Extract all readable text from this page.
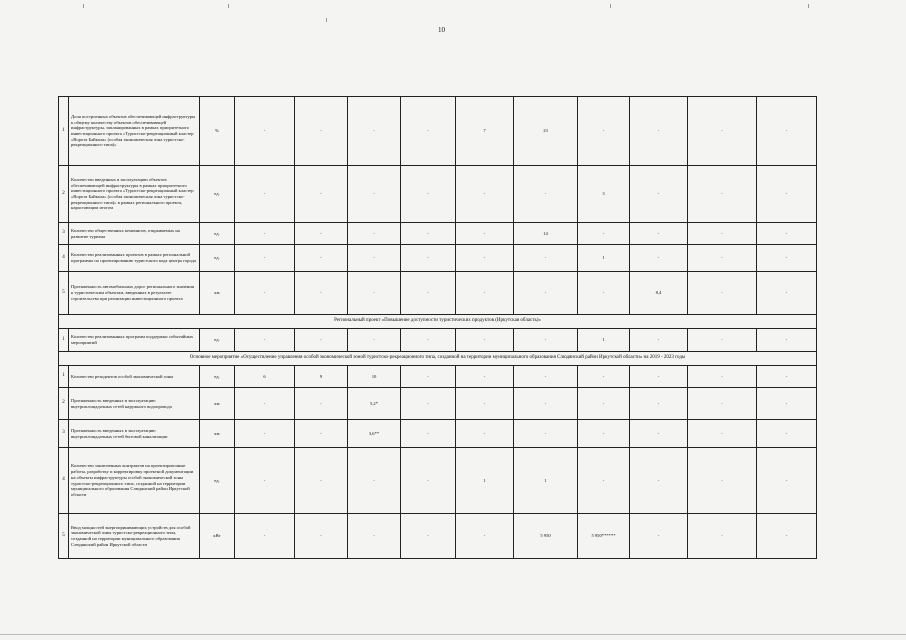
10
1	Доля построенных объектов обеспечивающей инфраструктуры к общему количеству объектов обеспечивающей инфраструктуры, запланированных в рамках приоритетного инвестиционного проекта «Туристско-рекреационный кластер «Ворота Байкала» (особая экономическая зона туристско-рекреационного типа)»	%	-	-	-	-	7	23	-	-	-	-
2	Количество введенных в эксплуатацию объектов обеспечивающей инфраструктуры в рамках приоритетного инвестиционного проекта «Туристско-рекреационный кластер «Ворота Байкала» (особая экономическая зона туристско-рекреационного типа)» в рамках регионального проекта, нарастающим итогом	ед.	-	-	-	-	-	-	3	-	-	-
3	Количество общественных кемпингов, открываемых на развитие туризма	ед.	-	-	-	-	-	14	-	-	-	-
4	Количество реализованных проектов в рамках региональной программы по проектированию туристского кода центра города	ед.	-	-	-	-	-	-	1	-	-	-
5	Протяженность автомобильных дорог регионального значения к туристическим объектам, введенных в результате строительства при реализации инвестиционного проекта	км	-	-	-	-	-	-	-	8,4	-	-
Региональный проект «Повышение доступности туристических продуктов (Иркутская область)»												
1	Количество реализованных программ поддержки событийных мероприятий	ед.	-	-	-	-	-	-	1	-	-	-
Основное мероприятие «Осуществление управления особой экономической зоной туристско-рекреационного типа, созданной на территории муниципального образования Слюдянский район Иркутской области» на 2019 - 2023 годы												
1	Количество резидентов особой экономической зоны	ед.	6	9	10	-	-	-	-	-	-	-
2	Протяженность введенных в эксплуатацию внутриплощадочных сетей наружного водопровода	км	-	-	5,2*	-	-	-	-	-	-	-
3	Протяженность введенных в эксплуатацию внутриплощадочных сетей бытовой канализации	км	-	-	3,6**	-	-	-	-	-	-	-
4	Количество заключенных контрактов на проектировочные работы, разработку и корректировку проектной документации на объекты инфраструктуры особой экономической зоны туристско-рекреационного типа, созданной на территории муниципального образования Слюдянский район Иркутской области	ед.	-	-	-	-	1	1	-	-	-	-
5	Ввод мощностей энергопринимающих устройств для особой экономической зоны туристско-рекреационного типа, созданной на территории муниципального образования Слюдянский район Иркутской области	кВт	-	-	-	-	-	5 950	5 950******	-	-	-
